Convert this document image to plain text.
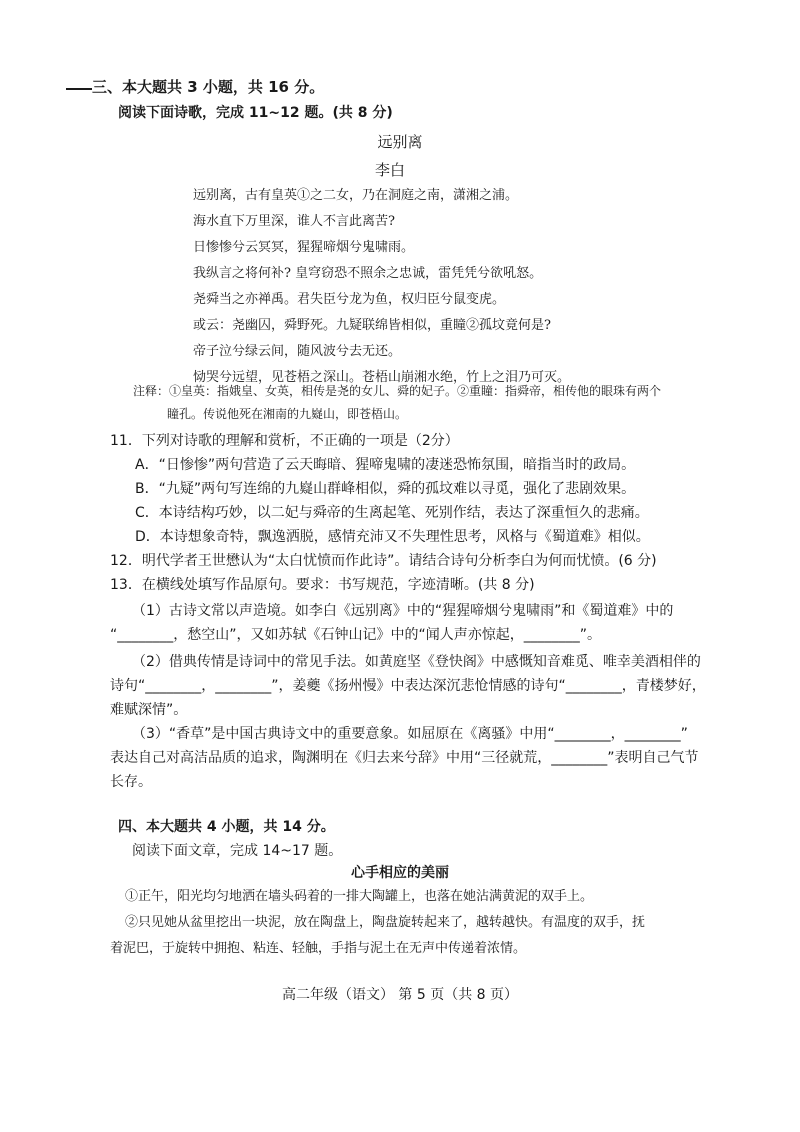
三、本大题共 3 小题，共 16 分。
阅读下面诗歌，完成 11~12 题。(共 8 分)
远别离
李白
远别离，古有皇英①之二女，乃在洞庭之南，潇湘之浦。
海水直下万里深，谁人不言此离苦?
日惨惨兮云冥冥，猩猩啼烟兮鬼啸雨。
我纵言之将何补? 皇穹窃恐不照余之忠诚，雷凭凭兮欲吼怒。
尧舜当之亦禅禹。君失臣兮龙为鱼，权归臣兮鼠变虎。
或云：尧幽囚，舜野死。九疑联绵皆相似，重瞳②孤坟竟何是?
帝子泣兮绿云间，随风波兮去无还。
恸哭兮远望，见苍梧之深山。苍梧山崩湘水绝，竹上之泪乃可灭。
注释：①皇英：指娥皇、女英，相传是尧的女儿、舜的妃子。②重瞳：指舜帝，相传他的眼珠有两个
瞳孔。传说他死在湘南的九嶷山，即苍梧山。
11．下列对诗歌的理解和赏析，不正确的一项是（2分）
A．“日惨惨”两句营造了云天晦暗、猩啼鬼啸的凄迷恐怖氛围，暗指当时的政局。
B．“九疑”两句写连绵的九嶷山群峰相似，舜的孤坟难以寻觅，强化了悲剧效果。
C．本诗结构巧妙，以二妃与舜帝的生离起笔、死别作结，表达了深重恒久的悲痛。
D．本诗想象奇特，飘逸洒脱，感情充沛又不失理性思考，风格与《蜀道难》相似。
12．明代学者王世懋认为“太白忧愤而作此诗”。请结合诗句分析李白为何而忧愤。(6 分)
13．在横线处填写作品原句。要求：书写规范，字迹清晰。(共 8 分)
（1）古诗文常以声造境。如李白《远别离》中的“猩猩啼烟兮鬼啸雨”和《蜀道难》中的
“________，愁空山”，又如苏轼《石钟山记》中的“闻人声亦惊起，________”。
（2）借典传情是诗词中的常见手法。如黄庭坚《登快阁》中感慨知音难觅、唯幸美酒相伴的
诗句“________，________”，姜夔《扬州慢》中表达深沉悲怆情感的诗句“________，青楼梦好，
难赋深情”。
（3）“香草”是中国古典诗文中的重要意象。如屈原在《离骚》中用“________，________”
表达自己对高洁品质的追求，陶渊明在《归去来兮辞》中用“三径就荒，________”表明自己气节
长存。
四、本大题共 4 小题，共 14 分。
阅读下面文章，完成 14~17 题。
心手相应的美丽
①正午，阳光均匀地洒在墙头码着的一排大陶罐上，也落在她沾满黄泥的双手上。
②只见她从盆里挖出一块泥，放在陶盘上，陶盘旋转起来了，越转越快。有温度的双手，抚
着泥巴，于旋转中拥抱、粘连、轻触，手指与泥土在无声中传递着浓情。
高二年级（语文） 第 5 页（共 8 页）
